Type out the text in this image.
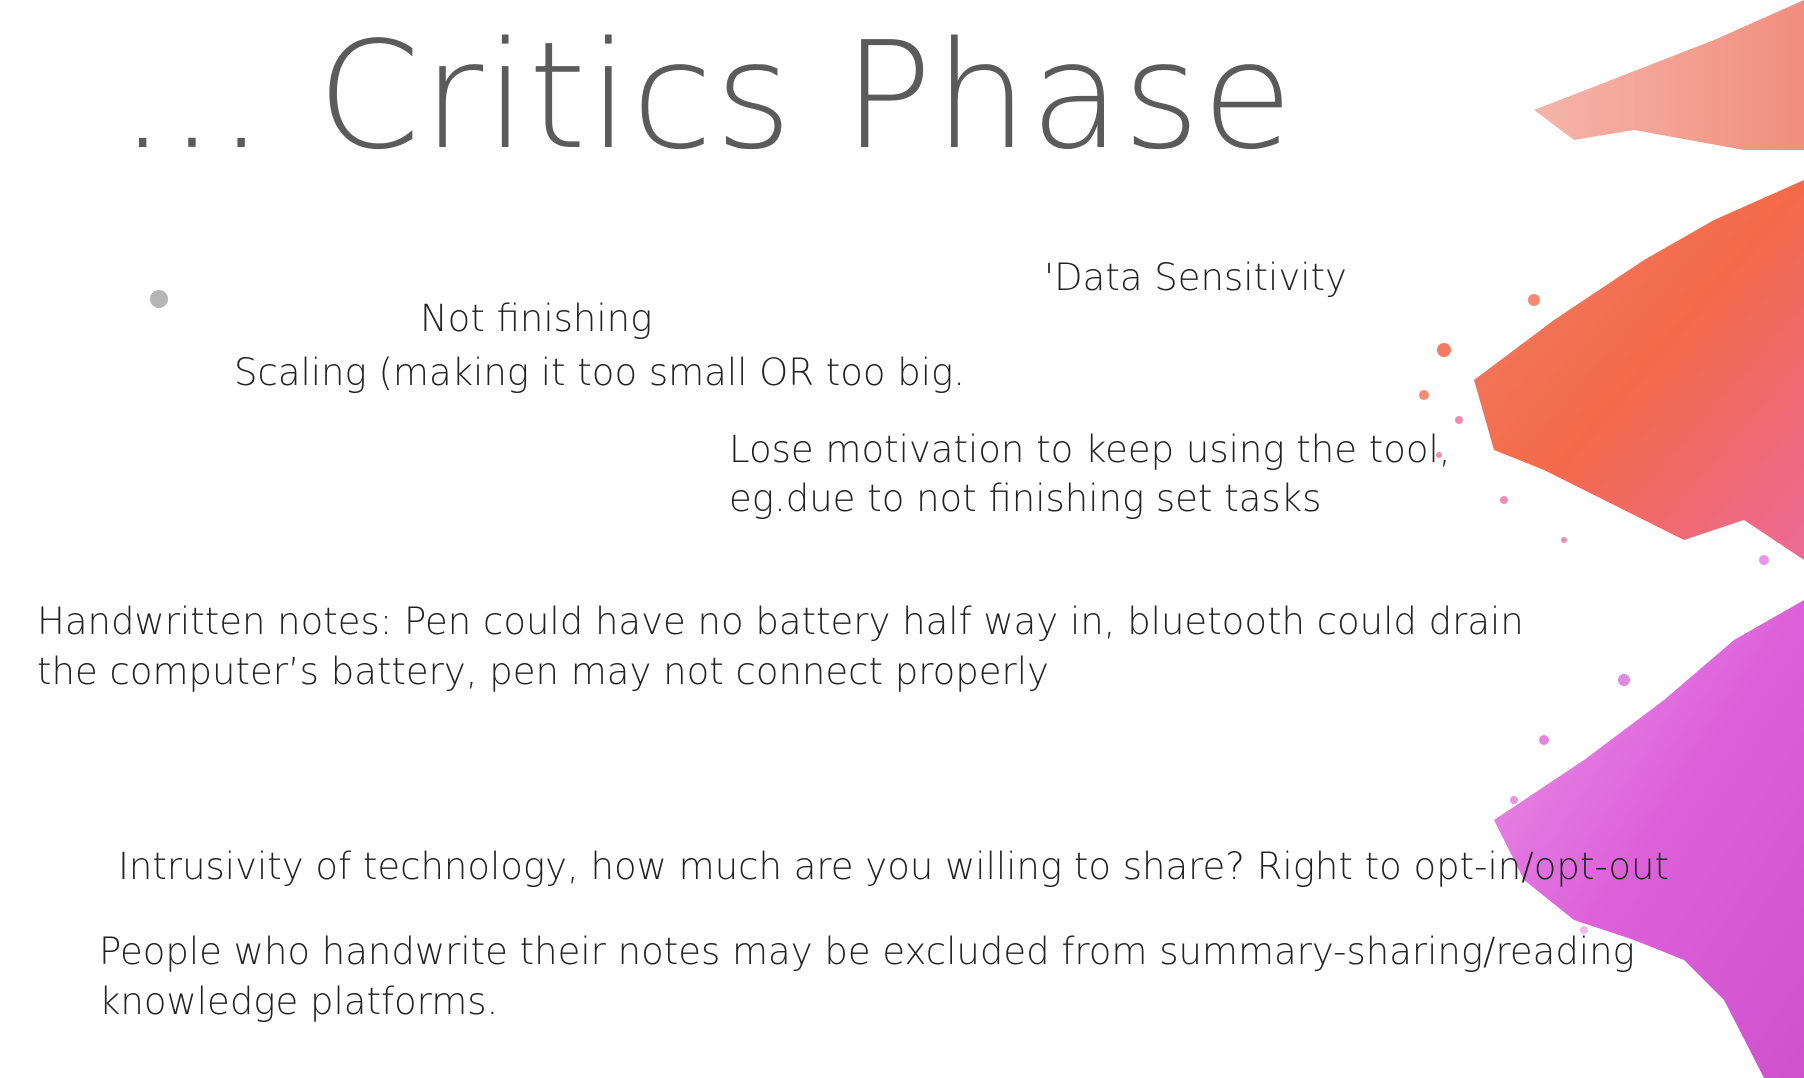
… Critics Phase
'Data Sensitivity
Not finishing
Scaling (making it too small OR too big.
Lose motivation to keep using the tool,
eg.due to not finishing set tasks
Handwritten notes: Pen could have no battery half way in, bluetooth could drain
the computer’s battery, pen may not connect properly
Intrusivity of technology, how much are you willing to share? Right to opt-in/opt-out
People who handwrite their notes may be excluded from summary-sharing/reading
knowledge platforms.
